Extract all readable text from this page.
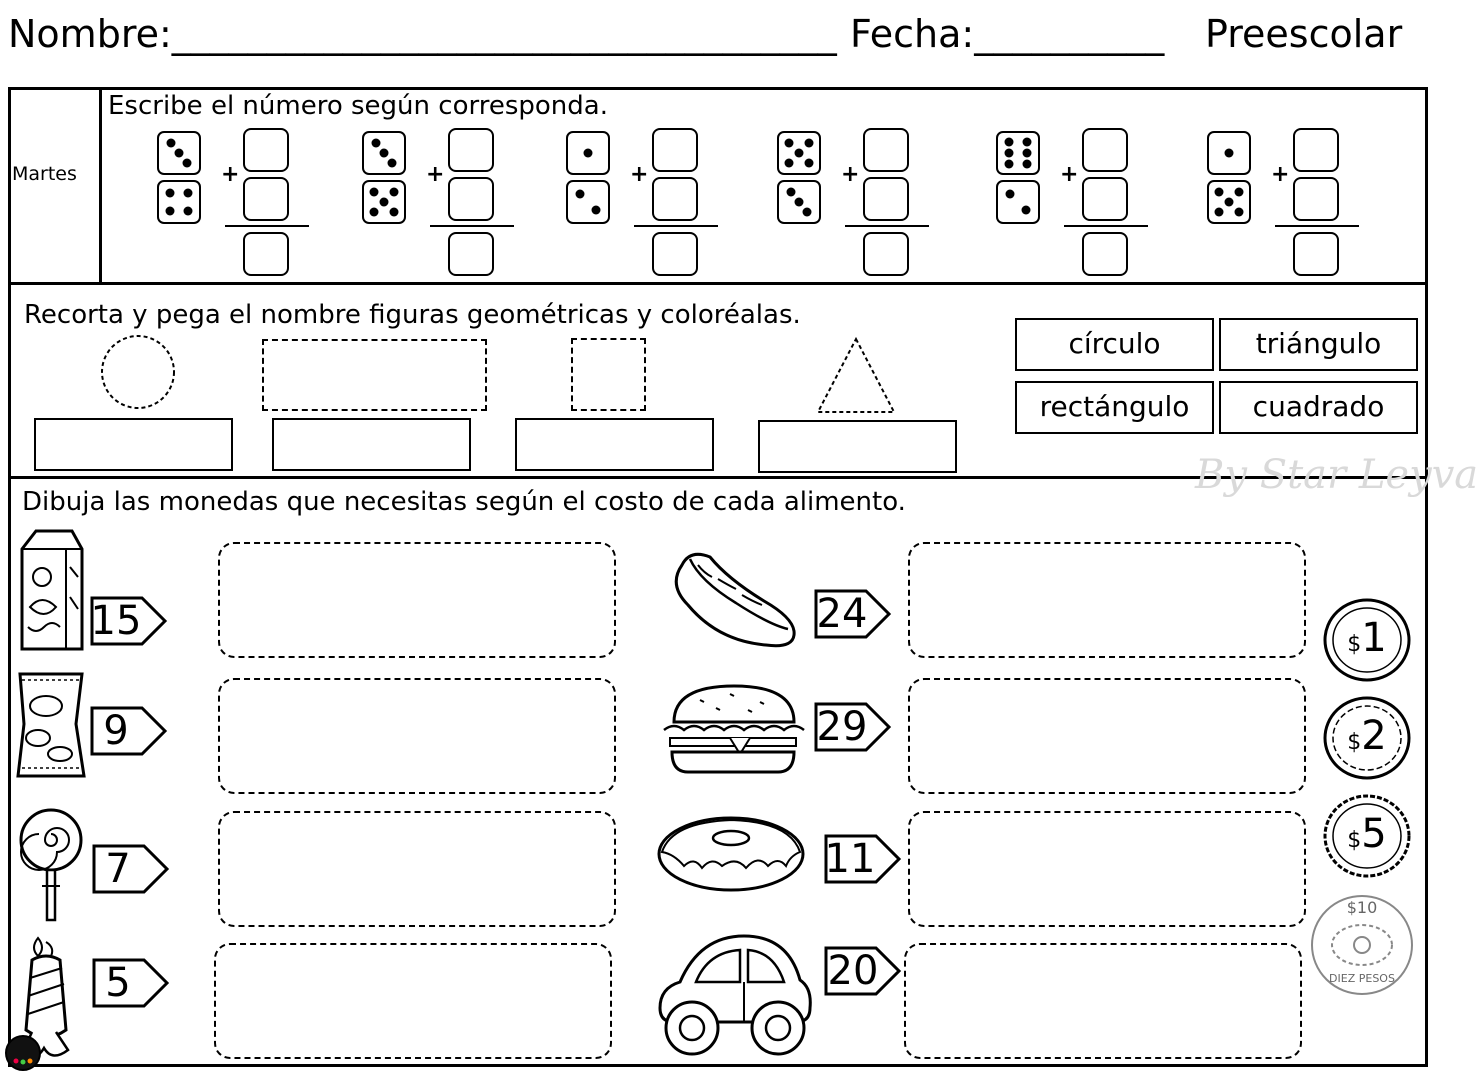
Nombre:___________________________________ Fecha:__________ Preescolar
Martes
Escribe el número según corresponda.
+	+	+	+	+	+
Recorta y pega el nombre figuras geométricas y coloréalas.
círculo	triángulo
rectángulo	cuadrado
By Star Leyva
Dibuja las monedas que necesitas según el costo de cada alimento.
15
9
7
5
24
29
11
20
$1
$2
$5
$10
DIEZ PESOS
